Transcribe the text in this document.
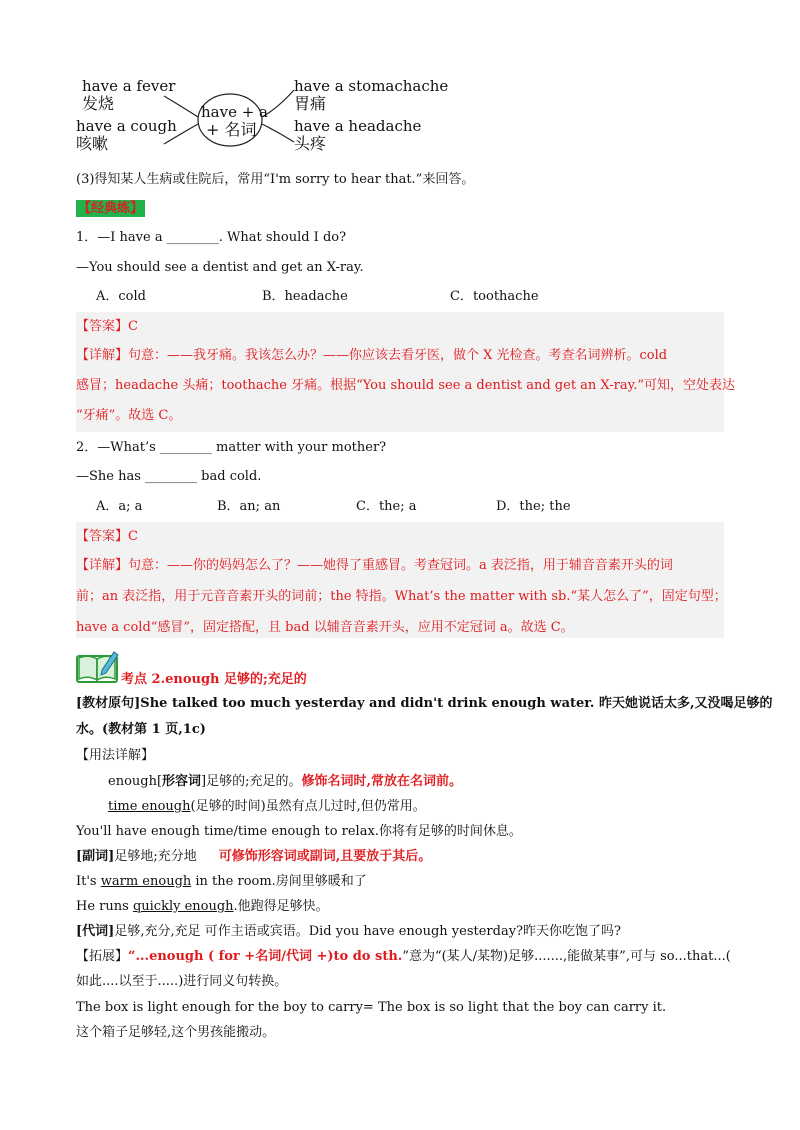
have a fever
发烧
have a cough
咳嗽
have + a
+ 名词
have a stomachache
胃痛
have a headache
头疼
(3)得知某人生病或住院后，常用“I'm sorry to hear that.”来回答。
【经典练】
1．—I have a ________. What should I do?
—You should see a dentist and get an X-ray.
A．cold	B．headache	C．toothache
【答案】C
【详解】句意：——我牙痛。我该怎么办？——你应该去看牙医，做个 X 光检查。考查名词辨析。cold
感冒；headache 头痛；toothache 牙痛。根据“You should see a dentist and get an X-ray.”可知，空处表达
“牙痛”。故选 C。
2．—What’s ________ matter with your mother?
—She has ________ bad cold.
A．a; a	B．an; an	C．the; a	D．the; the
【答案】C
【详解】句意：——你的妈妈怎么了？——她得了重感冒。考查冠词。a 表泛指，用于辅音音素开头的词
前；an 表泛指，用于元音音素开头的词前；the 特指。What’s the matter with sb.“某人怎么了”，固定句型；
have a cold“感冒”，固定搭配，且 bad 以辅音音素开头，应用不定冠词 a。故选 C。
考点 2.enough 足够的;充足的
[教材原句]She talked too much yesterday and didn't drink enough water. 昨天她说话太多,又没喝足够的
水。(教材第 1 页,1c)
【用法详解】
enough[形容词]足够的;充足的。修饰名词时,常放在名词前。
time enough(足够的时间)虽然有点儿过时,但仍常用。
You'll have enough time/time enough to relax.你将有足够的时间休息。
[副词]足够地;充分地 可修饰形容词或副词,且要放于其后。
It's warm enough in the room.房间里够暖和了
He runs quickly enough.他跑得足够快。
[代词]足够,充分,充足 可作主语或宾语。Did you have enough yesterday?昨天你吃饱了吗?
【拓展】“...enough ( for +名词/代词 +)to do sth.”意为“(某人/某物)足够.......,能做某事”,可与 so...that...(
如此....以至于.....)进行同义句转换。
The box is light enough for the boy to carry= The box is so light that the boy can carry it.
这个箱子足够轻,这个男孩能搬动。
